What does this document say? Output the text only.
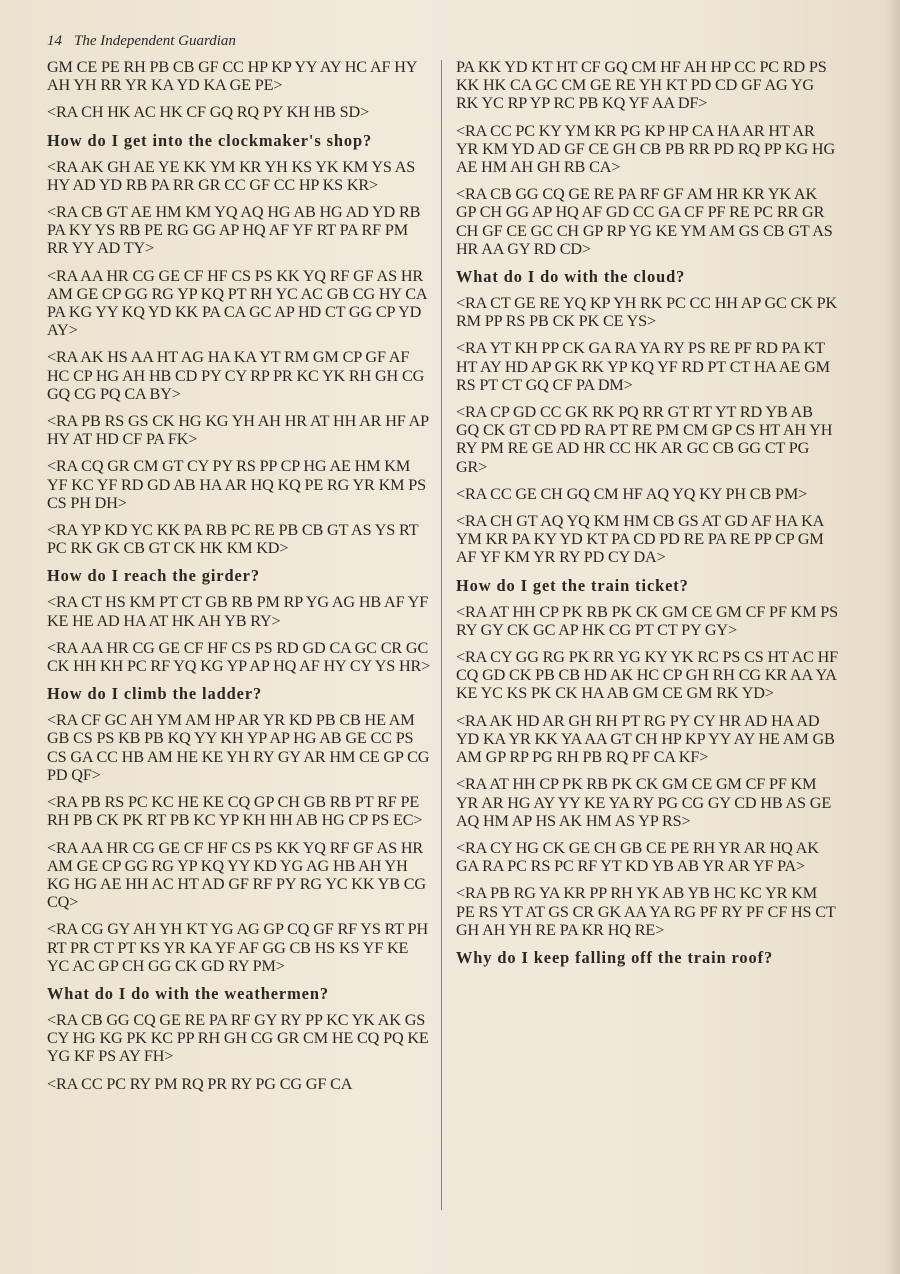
14 The Independent Guardian

GM CE PE RH PB CB GF CC HP KP YY AY HC AF HY AH YH RR YR KA YD KA GE PE>

<RA CH HK AC HK CF GQ RQ PY KH HB SD>

How do I get into the clockmaker's shop?

<RA AK GH AE YE KK YM KR YH KS YK KM YS AS HY AD YD RB PA RR GR CC GF CC HP KS KR>

<RA CB GT AE HM KM YQ AQ HG AB HG AD YD RB PA KY YS RB PE RG GG AP HQ AF YF RT PA RF PM RR YY AD TY>

<RA AA HR CG GE CF HF CS PS KK YQ RF GF AS HR AM GE CP GG RG YP KQ PT RH YC AC GB CG HY CA PA KG YY KQ YD KK PA CA GC AP HD CT GG CP YD AY>

<RA AK HS AA HT AG HA KA YT RM GM CP GF AF HC CP HG AH HB CD PY CY RP PR KC YK RH GH CG GQ CG PQ CA BY>

<RA PB RS GS CK HG KG YH AH HR AT HH AR HF AP HY AT HD CF PA FK>

<RA CQ GR CM GT CY PY RS PP CP HG AE HM KM YF KC YF RD GD AB HA AR HQ KQ PE RG YR KM PS CS PH DH>

<RA YP KD YC KK PA RB PC RE PB CB GT AS YS RT PC RK GK CB GT CK HK KM KD>

How do I reach the girder?

<RA CT HS KM PT CT GB RB PM RP YG AG HB AF YF KE HE AD HA AT HK AH YB RY>

<RA AA HR CG GE CF HF CS PS RD GD CA GC CR GC CK HH KH PC RF YQ KG YP AP HQ AF HY CY YS HR>

How do I climb the ladder?

<RA CF GC AH YM AM HP AR YR KD PB CB HE AM GB CS PS KB PB KQ YY KH YP AP HG AB GE CC PS CS GA CC HB AM HE KE YH RY GY AR HM CE GP CG PD QF>

<RA PB RS PC KC HE KE CQ GP CH GB RB PT RF PE RH PB CK PK RT PB KC YP KH HH AB HG CP PS EC>

<RA AA HR CG GE CF HF CS PS KK YQ RF GF AS HR AM GE CP GG RG YP KQ YY KD YG AG HB AH YH KG HG AE HH AC HT AD GF RF PY RG YC KK YB CG CQ>

<RA CG GY AH YH KT YG AG GP CQ GF RF YS RT PH RT PR CT PT KS YR KA YF AF GG CB HS KS YF KE YC AC GP CH GG CK GD RY PM>

What do I do with the weathermen?

<RA CB GG CQ GE RE PA RF GY RY PP KC YK AK GS CY HG KG PK KC PP RH GH CG GR CM HE CQ PQ KE YG KF PS AY FH>

<RA CC PC RY PM RQ PR RY PG CG GF CA

PA KK YD KT HT CF GQ CM HF AH HP CC PC RD PS KK HK CA GC CM GE RE YH KT PD CD GF AG YG RK YC RP YP RC PB KQ YF AA DF>

<RA CC PC KY YM KR PG KP HP CA HA AR HT AR YR KM YD AD GF CE GH CB PB RR PD RQ PP KG HG AE HM AH GH RB CA>

<RA CB GG CQ GE RE PA RF GF AM HR KR YK AK GP CH GG AP HQ AF GD CC GA CF PF RE PC RR GR CH GF CE GC CH GP RP YG KE YM AM GS CB GT AS HR AA GY RD CD>

What do I do with the cloud?

<RA CT GE RE YQ KP YH RK PC CC HH AP GC CK PK RM PP RS PB CK PK CE YS>

<RA YT KH PP CK GA RA YA RY PS RE PF RD PA KT HT AY HD AP GK RK YP KQ YF RD PT CT HA AE GM RS PT CT GQ CF PA DM>

<RA CP GD CC GK RK PQ RR GT RT YT RD YB AB GQ CK GT CD PD RA PT RE PM CM GP CS HT AH YH RY PM RE GE AD HR CC HK AR GC CB GG CT PG GR>

<RA CC GE CH GQ CM HF AQ YQ KY PH CB PM>

<RA CH GT AQ YQ KM HM CB GS AT GD AF HA KA YM KR PA KY YD KT PA CD PD RE PA RE PP CP GM AF YF KM YR RY PD CY DA>

How do I get the train ticket?

<RA AT HH CP PK RB PK CK GM CE GM CF PF KM PS RY GY CK GC AP HK CG PT CT PY GY>

<RA CY GG RG PK RR YG KY YK RC PS CS HT AC HF CQ GD CK PB CB HD AK HC CP GH RH CG KR AA YA KE YC KS PK CK HA AB GM CE GM RK YD>

<RA AK HD AR GH RH PT RG PY CY HR AD HA AD YD KA YR KK YA AA GT CH HP KP YY AY HE AM GB AM GP RP PG RH PB RQ PF CA KF>

<RA AT HH CP PK RB PK CK GM CE GM CF PF KM YR AR HG AY YY KE YA RY PG CG GY CD HB AS GE AQ HM AP HS AK HM AS YP RS>

<RA CY HG CK GE CH GB CE PE RH YR AR HQ AK GA RA PC RS PC RF YT KD YB AB YR AR YF PA>

<RA PB RG YA KR PP RH YK AB YB HC KC YR KM PE RS YT AT GS CR GK AA YA RG PF RY PF CF HS CT GH AH YH RE PA KR HQ RE>

Why do I keep falling off the train roof?
